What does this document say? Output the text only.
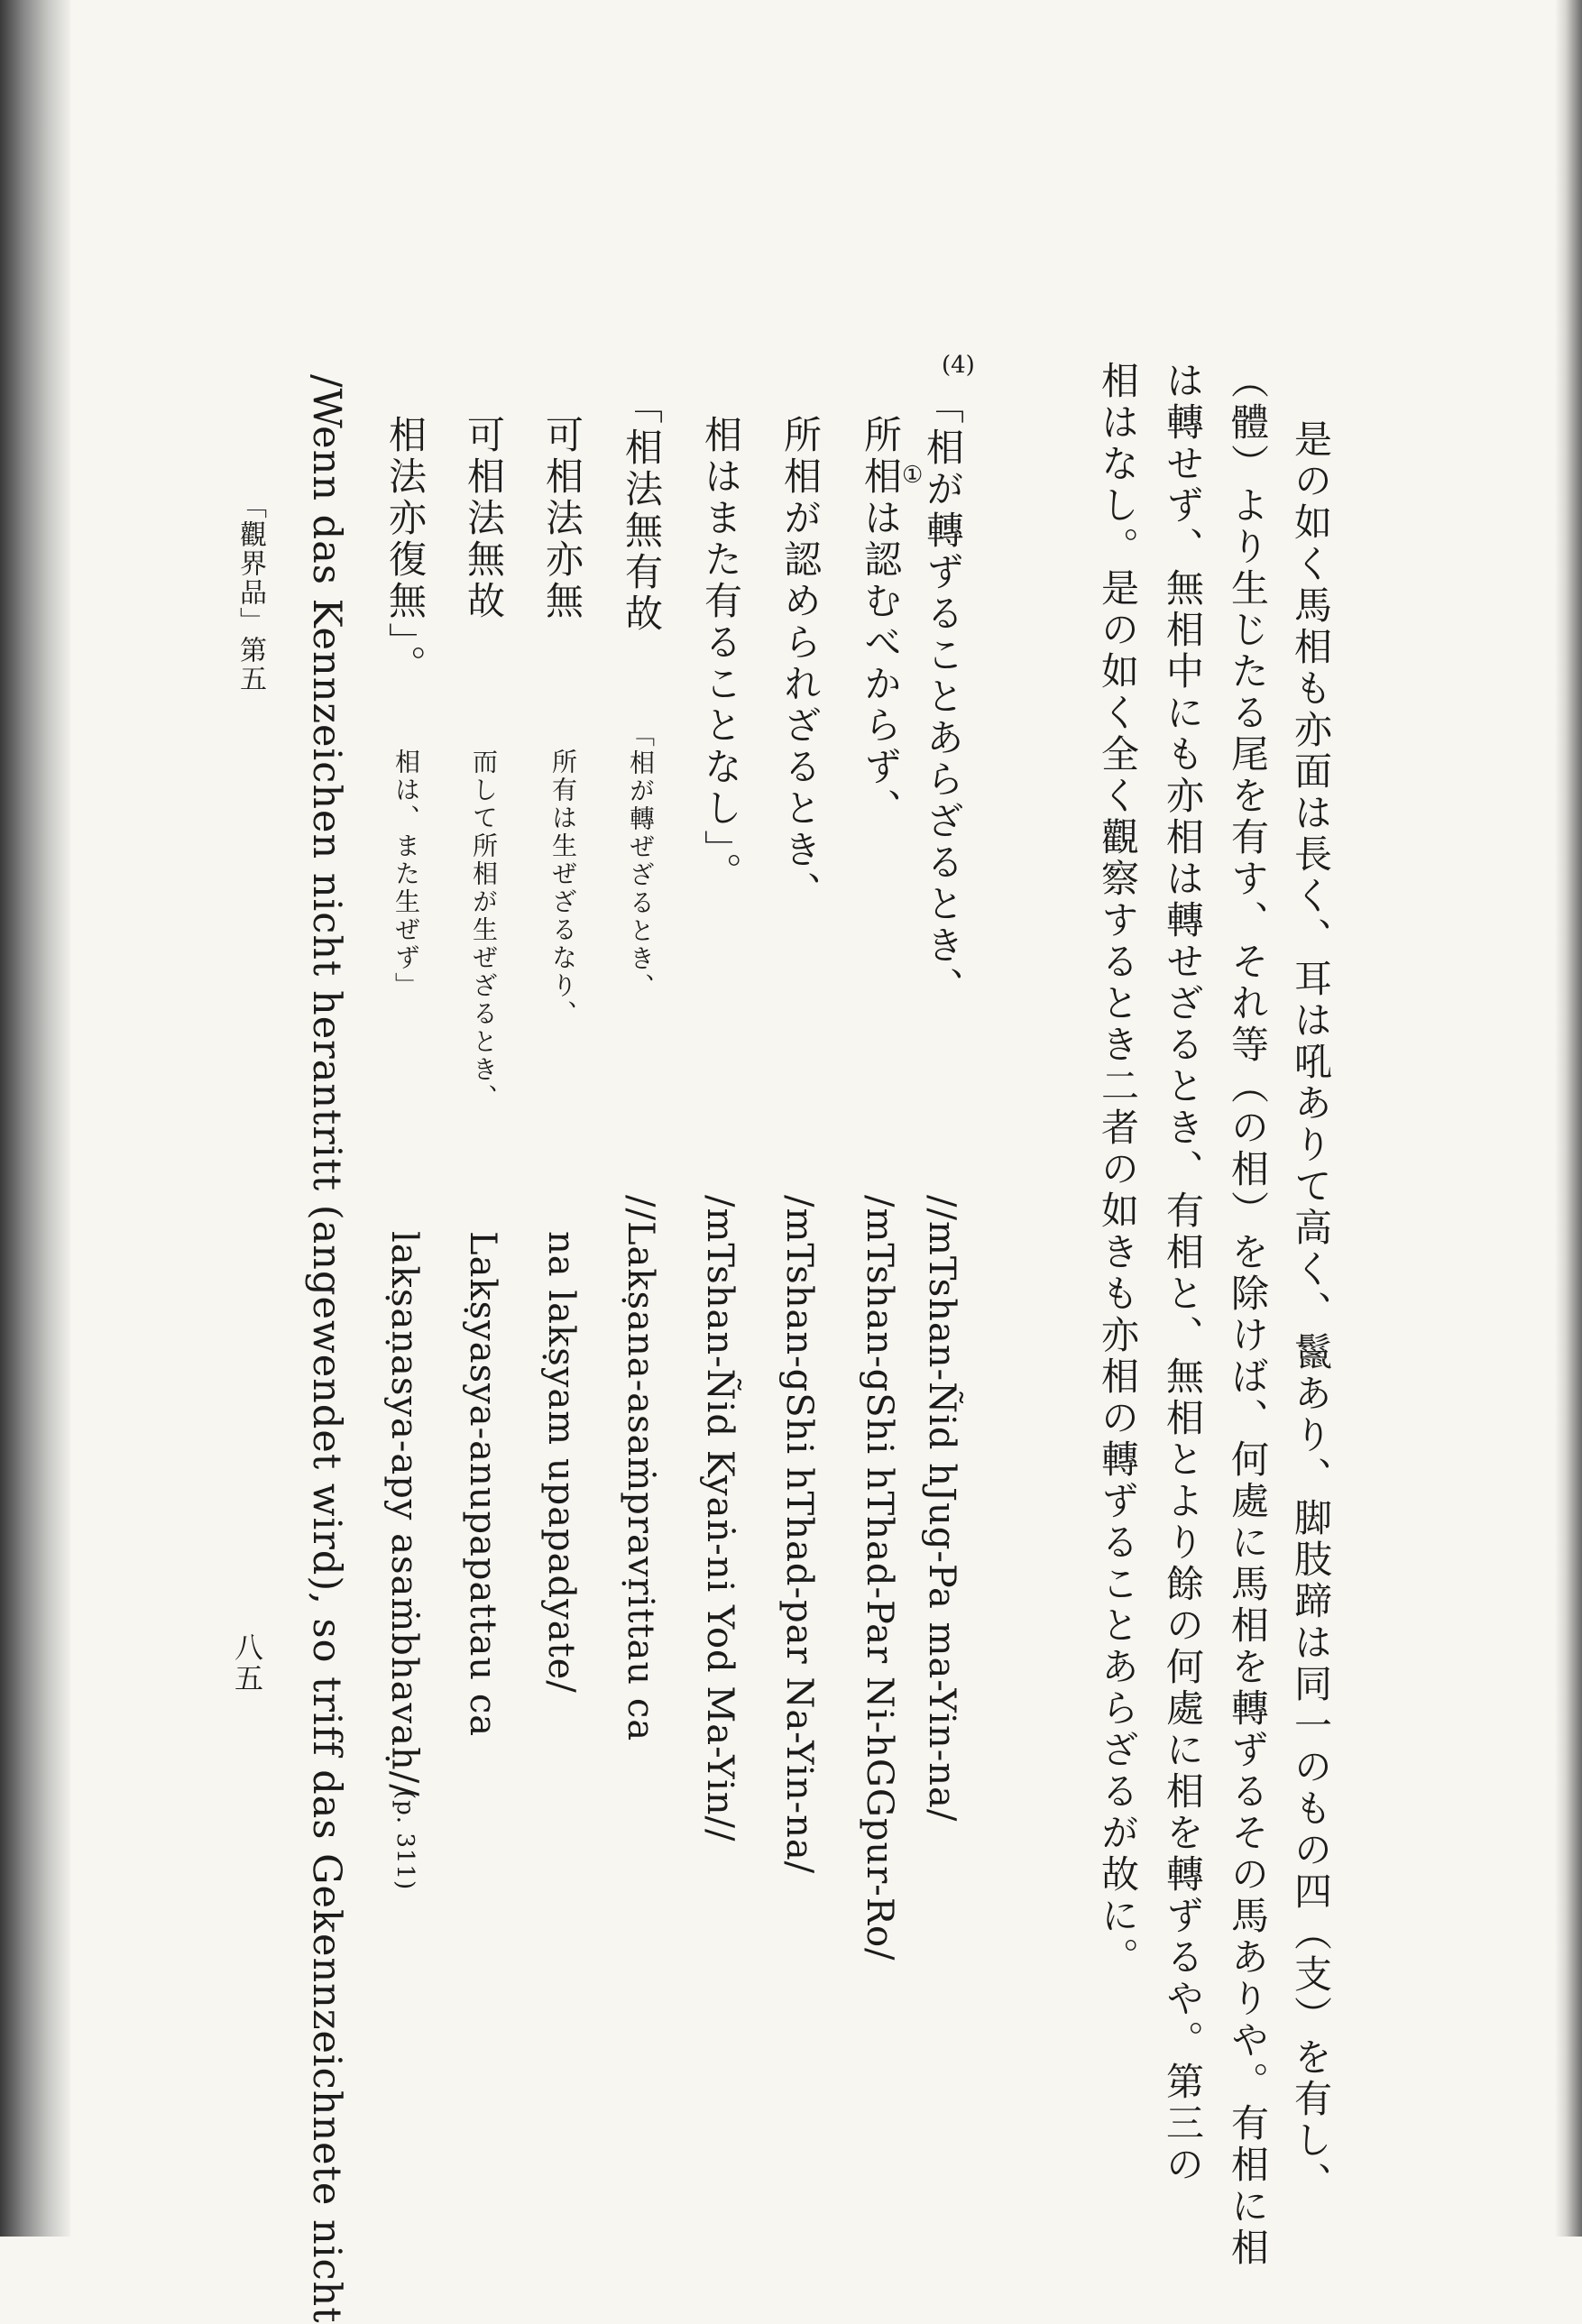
是の如く馬相も亦面は長く、耳は吼ありて高く、鬣あり、脚肢蹄は同一のもの四（支）を有し、
（體）より生じたる尾を有す、それ等（の相）を除けば、何處に馬相を轉ずるその馬ありや。有相に相
は轉せず、無相中にも亦相は轉せざるとき、有相と、無相とより餘の何處に相を轉ずるや。第三の
相はなし。是の如く全く觀察するとき二者の如きも亦相の轉ずることあらざるが故に。
(4)
①
「相が轉ずることあらざるとき、
所相は認むべからず、
所相が認められざるとき、
相はまた有ることなし」。
「相法無有故
可相法亦無
可相法無故
相法亦復無」。
「相が轉ぜざるとき、
所有は生ぜざるなり、
而して所相が生ぜざるとき、
相は、また生ぜず」
//mTshan-Ñid hJug-Pa ma-Yin-na/
/mTshan-gShi hThad-Par Ni-hGGpur-Ro/
/mTshan-gShi hThad-par Na-Yin-na/
/mTshan-Ñid Kyaṅ-ni Yod Ma-Yin//
//Lakṣana-asaṁpravṛittau ca
na lakṣyam upapadyate/
Lakṣyasya-anupapattau ca
lakṣaṇasya-apy asaṁbhavaḥ//
(p. 311)
/Wenn das Kennzeichen nicht herantritt (angewendet wird), so triff das Gekennzeichnete nicht
「觀界品」第五
八五
